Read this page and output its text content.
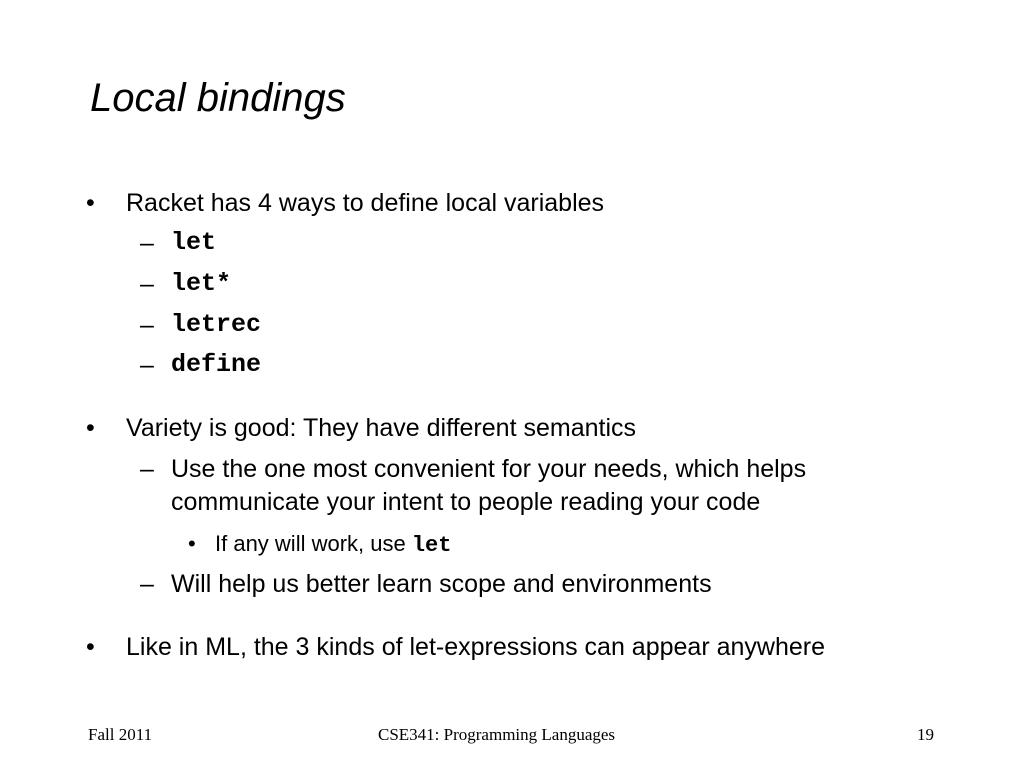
Local bindings
• Racket has 4 ways to define local variables
– let
– let*
– letrec
– define
• Variety is good: They have different semantics
– Use the one most convenient for your needs, which helps
communicate your intent to people reading your code
• If any will work, use let
– Will help us better learn scope and environments
• Like in ML, the 3 kinds of let-expressions can appear anywhere
Fall 2011	CSE341: Programming Languages	19
